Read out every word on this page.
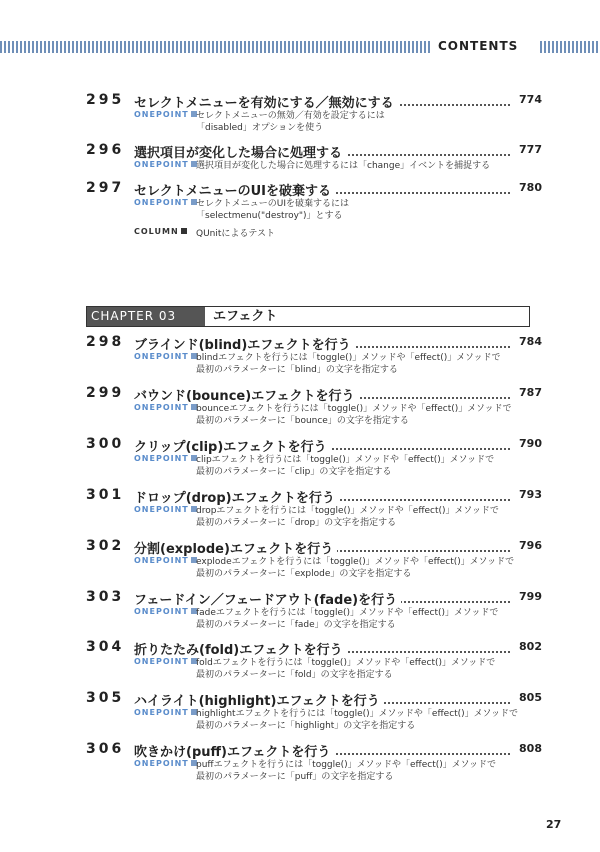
CONTENTS
295 セレクトメニューを有効にする／無効にする	774
ONEPOINT セレクトメニューの無効／有効を設定するには
「disabled」オプションを使う
296 選択項目が変化した場合に処理する	777
ONEPOINT 選択項目が変化した場合に処理するには「change」イベントを捕捉する
297 セレクトメニューのUIを破棄する	780
ONEPOINT セレクトメニューのUIを破棄するには
「selectmenu("destroy")」とする
COLUMN	QUnitによるテスト
CHAPTER 03	エフェクト
298 ブラインド(blind)エフェクトを行う	784
ONEPOINT blindエフェクトを行うには「toggle()」メソッドや「effect()」メソッドで
最初のパラメーターに「blind」の文字を指定する
299 バウンド(bounce)エフェクトを行う	787
ONEPOINT bounceエフェクトを行うには「toggle()」メソッドや「effect()」メソッドで
最初のパラメーターに「bounce」の文字を指定する
300 クリップ(clip)エフェクトを行う	790
ONEPOINT clipエフェクトを行うには「toggle()」メソッドや「effect()」メソッドで
最初のパラメーターに「clip」の文字を指定する
301 ドロップ(drop)エフェクトを行う	793
ONEPOINT dropエフェクトを行うには「toggle()」メソッドや「effect()」メソッドで
最初のパラメーターに「drop」の文字を指定する
302 分割(explode)エフェクトを行う	796
ONEPOINT explodeエフェクトを行うには「toggle()」メソッドや「effect()」メソッドで
最初のパラメーターに「explode」の文字を指定する
303 フェードイン／フェードアウト(fade)を行う	799
ONEPOINT fadeエフェクトを行うには「toggle()」メソッドや「effect()」メソッドで
最初のパラメーターに「fade」の文字を指定する
304 折りたたみ(fold)エフェクトを行う	802
ONEPOINT foldエフェクトを行うには「toggle()」メソッドや「effect()」メソッドで
最初のパラメーターに「fold」の文字を指定する
305 ハイライト(highlight)エフェクトを行う	805
ONEPOINT highlightエフェクトを行うには「toggle()」メソッドや「effect()」メソッドで
最初のパラメーターに「highlight」の文字を指定する
306 吹きかけ(puff)エフェクトを行う	808
ONEPOINT puffエフェクトを行うには「toggle()」メソッドや「effect()」メソッドで
最初のパラメーターに「puff」の文字を指定する
27
